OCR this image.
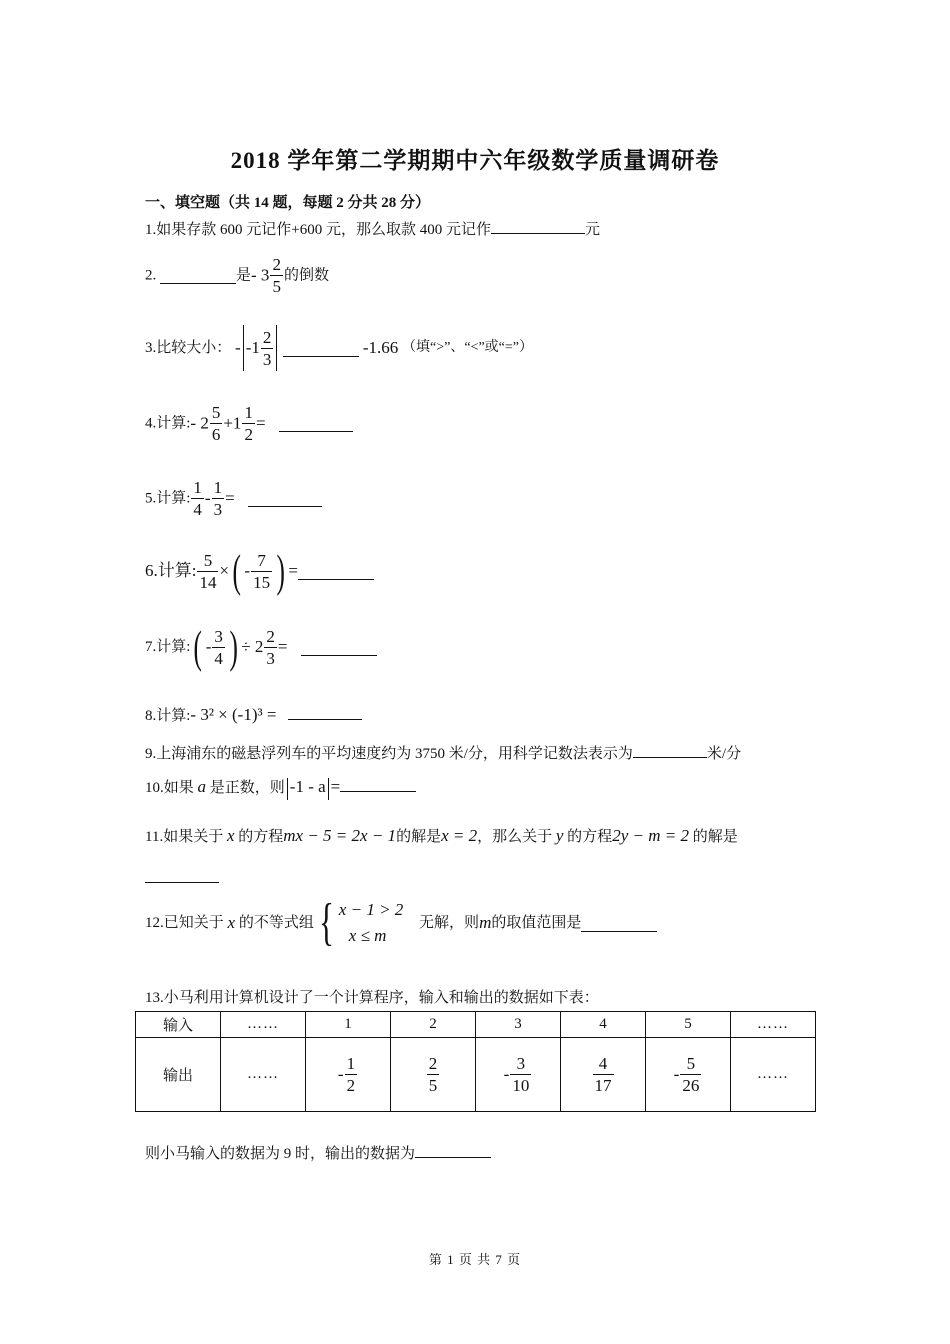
2018 学年第二学期期中六年级数学质量调研卷
一、填空题（共 14 题，每题 2 分共 28 分）
1.如果存款 600 元记作+600 元，那么取款 400 元记作	元
2.	是- $3 \frac{2}{5}$ 的倒数
3.比较大小： - $-1 \frac{2}{3}$	-1.66 （填“>”、“<”或“=”）
4.计算:- $2 \frac{5}{6} +1 \frac{1}{2}$ =
5.计算: $\frac{1}{4} - \frac{1}{3}$ =
6.计算: $\frac{5}{14}$ ×( - $\frac{7}{15}$ ) =
7.计算:( - $\frac{3}{4}$ ) ÷ $2 \frac{2}{3}$ =
8.计算:- 3² × (-1)³ =
9.上海浦东的磁悬浮列车的平均速度约为 3750 米/分，用科学记数法表示为	米/分
10.如果 a 是正数，则 -1 - a =
11.如果关于 x 的方程mx − 5 = 2x − 1的解是x = 2，那么关于 y 的方程2y − m = 2 的解是
12.已知关于 x 的不等式组{ x − 1 > 2
x ≤ m
无解，则m的取值范围是
13.小马利用计算机设计了一个计算程序，输入和输出的数据如下表：
输入	……	1	2	3	4	5	……
输出	……	- $\frac{1}{2}$	$\frac{2}{5}$	- $\frac{3}{10}$	$\frac{4}{17}$	- $\frac{5}{26}$	……
则小马输入的数据为 9 时，输出的数据为
第 1 页 共 7 页
